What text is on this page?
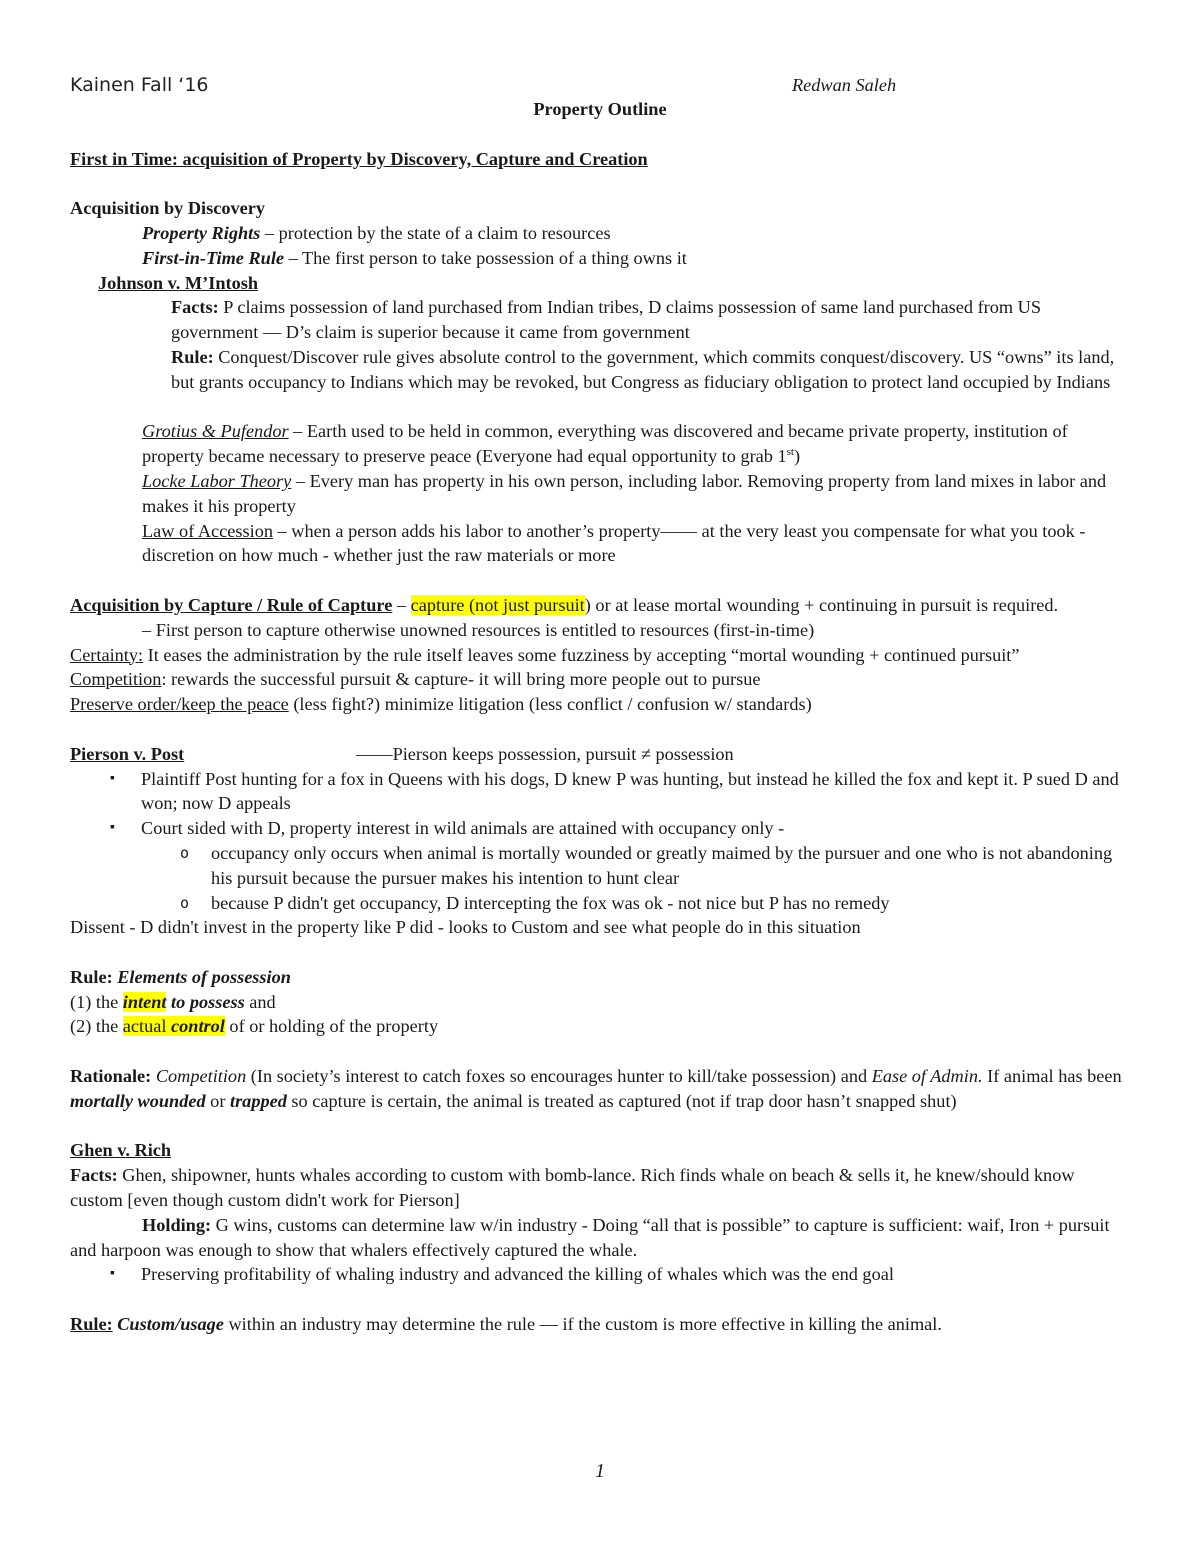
Kainen Fall ‘16	Redwan Saleh

Property Outline

First in Time: acquisition of Property by Discovery, Capture and Creation

Acquisition by Discovery

Property Rights – protection by the state of a claim to resources

First-in-Time Rule – The first person to take possession of a thing owns it

Johnson v. M’Intosh

Facts: P claims possession of land purchased from Indian tribes, D claims possession of same land purchased from US government — D’s claim is superior because it came from government

Rule: Conquest/Discover rule gives absolute control to the government, which commits conquest/discovery. US “owns” its land, but grants occupancy to Indians which may be revoked, but Congress as fiduciary obligation to protect land occupied by Indians

Grotius & Pufendor – Earth used to be held in common, everything was discovered and became private property, institution of property became necessary to preserve peace (Everyone had equal opportunity to grab 1st)

Locke Labor Theory – Every man has property in his own person, including labor. Removing property from land mixes in labor and makes it his property

Law of Accession – when a person adds his labor to another’s property—— at the very least you compensate for what you took - discretion on how much - whether just the raw materials or more

Acquisition by Capture / Rule of Capture – capture (not just pursuit) or at lease mortal wounding + continuing in pursuit is required.

– First person to capture otherwise unowned resources is entitled to resources (first-in-time)

Certainty: It eases the administration by the rule itself leaves some fuzziness by accepting “mortal wounding + continued pursuit”

Competition: rewards the successful pursuit & capture- it will bring more people out to pursue

Preserve order/keep the peace (less fight?) minimize litigation (less conflict / confusion w/ standards)

Pierson v. Post	——Pierson keeps possession, pursuit ≠ possession

▪ Plaintiff Post hunting for a fox in Queens with his dogs, D knew P was hunting, but instead he killed the fox and kept it. P sued D and won; now D appeals
▪ Court sided with D, property interest in wild animals are attained with occupancy only -
o occupancy only occurs when animal is mortally wounded or greatly maimed by the pursuer and one who is not abandoning his pursuit because the pursuer makes his intention to hunt clear
o because P didn't get occupancy, D intercepting the fox was ok - not nice but P has no remedy

Dissent - D didn't invest in the property like P did - looks to Custom and see what people do in this situation

Rule: Elements of possession

(1) the intent to possess and

(2) the actual control of or holding of the property

Rationale: Competition (In society’s interest to catch foxes so encourages hunter to kill/take possession) and Ease of Admin. If animal has been mortally wounded or trapped so capture is certain, the animal is treated as captured (not if trap door hasn’t snapped shut)

Ghen v. Rich

Facts: Ghen, shipowner, hunts whales according to custom with bomb-lance. Rich finds whale on beach & sells it, he knew/should know custom [even though custom didn't work for Pierson]

Holding: G wins, customs can determine law w/in industry - Doing “all that is possible” to capture is sufficient: waif, Iron + pursuit and harpoon was enough to show that whalers effectively captured the whale.

▪ Preserving profitability of whaling industry and advanced the killing of whales which was the end goal

Rule: Custom/usage within an industry may determine the rule — if the custom is more effective in killing the animal.

1
